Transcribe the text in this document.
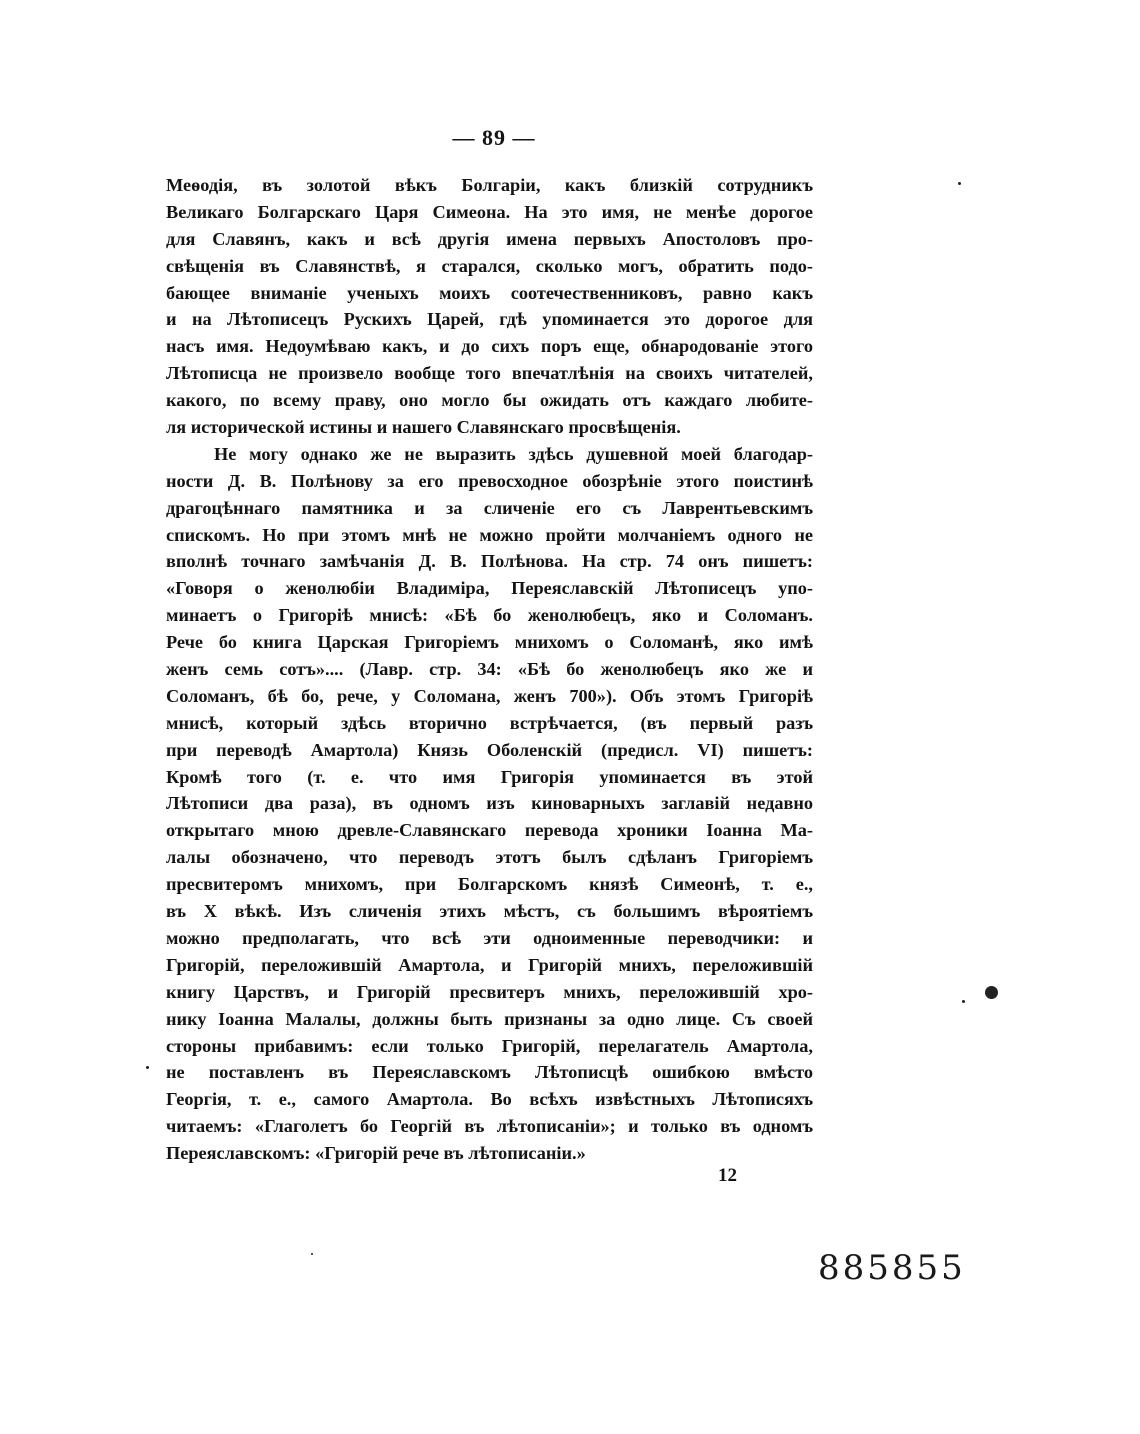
— 89 —
Меѳодія, въ золотой вѣкъ Болгаріи, какъ близкій сотрудникъ
Великаго Болгарскаго Царя Симеона. На это имя, не менѣе дорогое
для Славянъ, какъ и всѣ другія имена первыхъ Апостоловъ про-
свѣщенія въ Славянствѣ, я старался, сколько могъ, обратить подо-
бающее вниманіе ученыхъ моихъ соотечественниковъ, равно какъ
и на Лѣтописецъ Рускихъ Царей, гдѣ упоминается это дорогое для
насъ имя. Недоумѣваю какъ, и до сихъ поръ еще, обнародованіе этого
Лѣтописца не произвело вообще того впечатлѣнія на своихъ читателей,
какого, по всему праву, оно могло бы ожидать отъ каждаго любите-
ля исторической истины и нашего Славянскаго просвѣщенія.
Не могу однако же не выразить здѣсь душевной моей благодар-
ности Д. В. Полѣнову за его превосходное обозрѣніе этого поистинѣ
драгоцѣннаго памятника и за сличеніе его съ Лаврентьевскимъ
спискомъ. Но при этомъ мнѣ не можно пройти молчаніемъ одного не
вполнѣ точнаго замѣчанія Д. В. Полѣнова. На стр. 74 онъ пишетъ:
«Говоря о женолюбіи Владиміра, Переяславскій Лѣтописецъ упо-
минаетъ о Григоріѣ мнисѣ: «Бѣ бо женолюбецъ, яко и Соломанъ.
Рече бо книга Царская Григоріемъ мнихомъ о Соломанѣ, яко имѣ
женъ семь сотъ».... (Лавр. стр. 34: «Бѣ бо женолюбецъ яко же и
Соломанъ, бѣ бо, рече, у Соломана, женъ 700»). Объ этомъ Григоріѣ
мнисѣ, который здѣсь вторично встрѣчается, (въ первый разъ
при переводѣ Амартола) Князь Оболенскій (предисл. VI) пишетъ:
Кромѣ того (т. е. что имя Григорія упоминается въ этой
Лѣтописи два раза), въ одномъ изъ киноварныхъ заглавій недавно
открытаго мною древле-Славянскаго перевода хроники Іоанна Ма-
лалы обозначено, что переводъ этотъ былъ сдѣланъ Григоріемъ
пресвитеромъ мнихомъ, при Болгарскомъ князѣ Симеонѣ, т. е.,
въ X вѣкѣ. Изъ сличенія этихъ мѣстъ, съ большимъ вѣроятіемъ
можно предполагать, что всѣ эти одноименные переводчики: и
Григорій, переложившій Амартола, и Григорій мнихъ, переложившій
книгу Царствъ, и Григорій пресвитеръ мнихъ, переложившій хро-
нику Іоанна Малалы, должны быть признаны за одно лице. Съ своей
стороны прибавимъ: если только Григорій, перелагатель Амартола,
не поставленъ въ Переяславскомъ Лѣтописцѣ ошибкою вмѣсто
Георгія, т. е., самого Амартола. Во всѣхъ извѣстныхъ Лѣтописяхъ
читаемъ: «Глаголетъ бо Георгій въ лѣтописаніи»; и только въ одномъ
Переяславскомъ: «Григорій рече въ лѣтописаніи.»
12
885855
